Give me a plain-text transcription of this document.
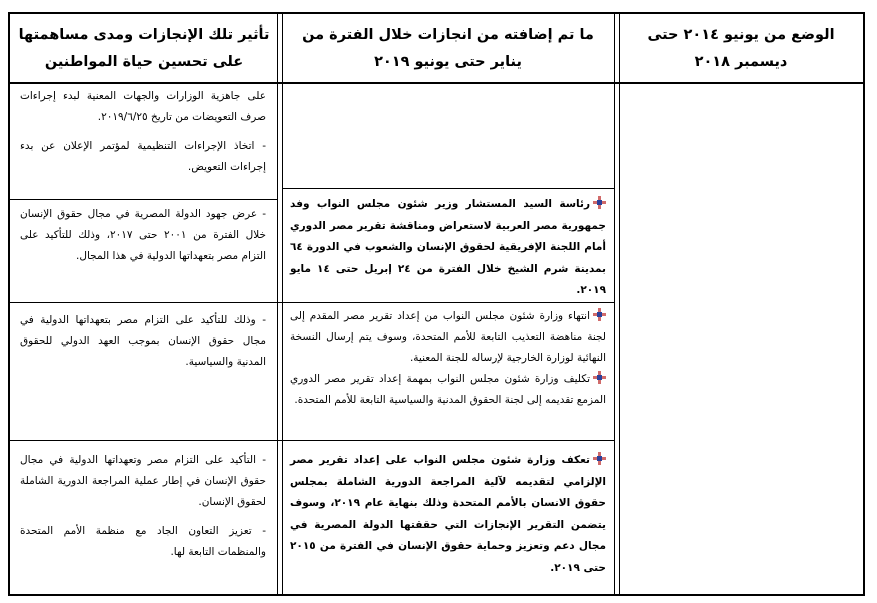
الوضع من يونيو ٢٠١٤ حتى ديسمبر ٢٠١٨
ما تم إضافته من انجازات خلال الفترة من يناير حتى يونيو ٢٠١٩
تأثير تلك الإنجازات ومدى مساهمتها على تحسين حياة المواطنين

على جاهزية الوزارات والجهات المعنية لبدء إجراءات صرف التعويضات من تاريخ ٢٠١٩/٦/٢٥.

- اتخاذ الإجراءات التنظيمية لمؤتمر الإعلان عن بدء إجراءات التعويض.

رئاسة السيد المستشار وزير شئون مجلس النواب وفد جمهورية مصر العربية لاستعراض ومناقشة تقرير مصر الدوري أمام اللجنة الإفريقية لحقوق الإنسان والشعوب في الدورة ٦٤ بمدينة شرم الشيخ خلال الفترة من ٢٤ إبريل حتى ١٤ مايو ٢٠١٩.

- عرض جهود الدولة المصرية في مجال حقوق الإنسان خلال الفترة من ٢٠٠١ حتى ٢٠١٧، وذلك للتأكيد على التزام مصر بتعهداتها الدولية في هذا المجال.

انتهاء وزارة شئون مجلس النواب من إعداد تقرير مصر المقدم إلى لجنة مناهضة التعذيب التابعة للأمم المتحدة، وسوف يتم إرسال النسخة النهائية لوزارة الخارجية لإرساله للجنة المعنية.

تكليف وزارة شئون مجلس النواب بمهمة إعداد تقرير مصر الدوري المزمع تقديمه إلى لجنة الحقوق المدنية والسياسية التابعة للأمم المتحدة.

- وذلك للتأكيد على التزام مصر بتعهداتها الدولية في مجال حقوق الإنسان بموجب العهد الدولي للحقوق المدنية والسياسية.

تعكف وزارة شئون مجلس النواب على إعداد تقرير مصر الإلزامي لتقديمه لآلية المراجعة الدورية الشاملة بمجلس حقوق الانسان بالأمم المتحدة وذلك بنهاية عام ٢٠١٩، وسوف يتضمن التقرير الإنجازات التي حققتها الدولة المصرية في مجال دعم وتعزيز وحماية حقوق الإنسان في الفترة من ٢٠١٥ حتى ٢٠١٩.

- التأكيد على التزام مصر وتعهداتها الدولية في مجال حقوق الإنسان في إطار عملية المراجعة الدورية الشاملة لحقوق الإنسان.

- تعزيز التعاون الجاد مع منظمة الأمم المتحدة والمنظمات التابعة لها.
